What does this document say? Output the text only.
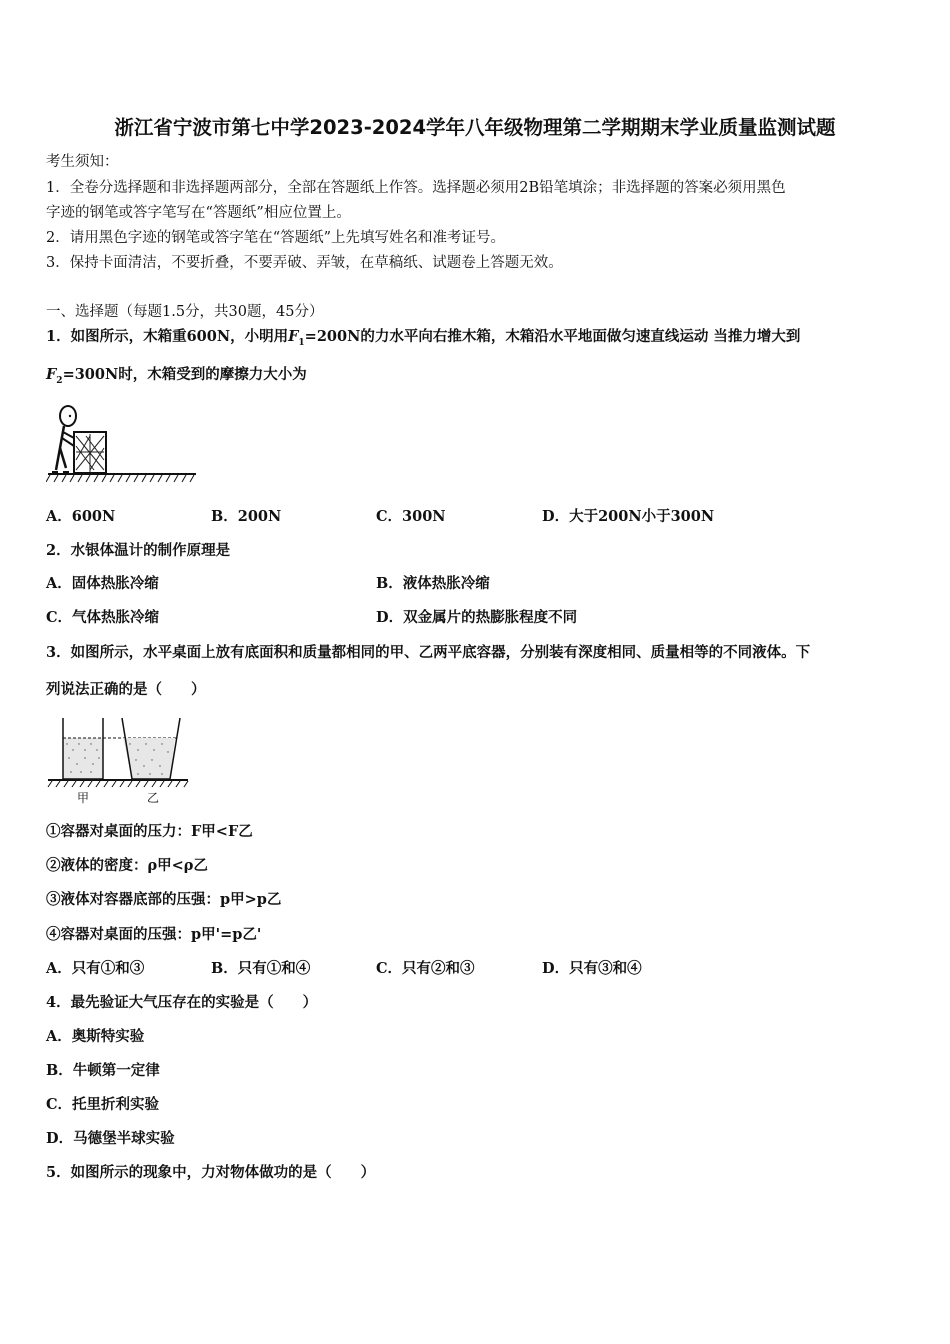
浙江省宁波市第七中学2023-2024学年八年级物理第二学期期末学业质量监测试题
考生须知：
1．全卷分选择题和非选择题两部分，全部在答题纸上作答。选择题必须用2B铅笔填涂；非选择题的答案必须用黑色
字迹的钢笔或答字笔写在“答题纸”相应位置上。
2．请用黑色字迹的钢笔或答字笔在“答题纸”上先填写姓名和准考证号。
3．保持卡面清洁，不要折叠，不要弄破、弄皱，在草稿纸、试题卷上答题无效。
一、选择题（每题1.5分，共30题，45分）
1．如图所示，木箱重600N，小明用$F_1=200N$的力水平向右推木箱，木箱沿水平地面做匀速直线运动 当推力增大到
$F_2=300N$时，木箱受到的摩擦力大小为
A．600N	B．200N	C．300N	D．大于200N小于300N
2．水银体温计的制作原理是
A．固体热胀冷缩	B．液体热胀冷缩
C．气体热胀冷缩	D．双金属片的热膨胀程度不同
3．如图所示，水平桌面上放有底面积和质量都相同的甲、乙两平底容器，分别装有深度相同、质量相等的不同液体。下
列说法正确的是（　　）
甲	乙
①容器对桌面的压力：F甲<F乙
②液体的密度：ρ甲<ρ乙
③液体对容器底部的压强：p甲>p乙
④容器对桌面的压强：p甲'=p乙'
A．只有①和③	B．只有①和④	C．只有②和③	D．只有③和④
4．最先验证大气压存在的实验是（　　）
A．奥斯特实验
B．牛顿第一定律
C．托里折利实验
D．马德堡半球实验
5．如图所示的现象中，力对物体做功的是（　　）
